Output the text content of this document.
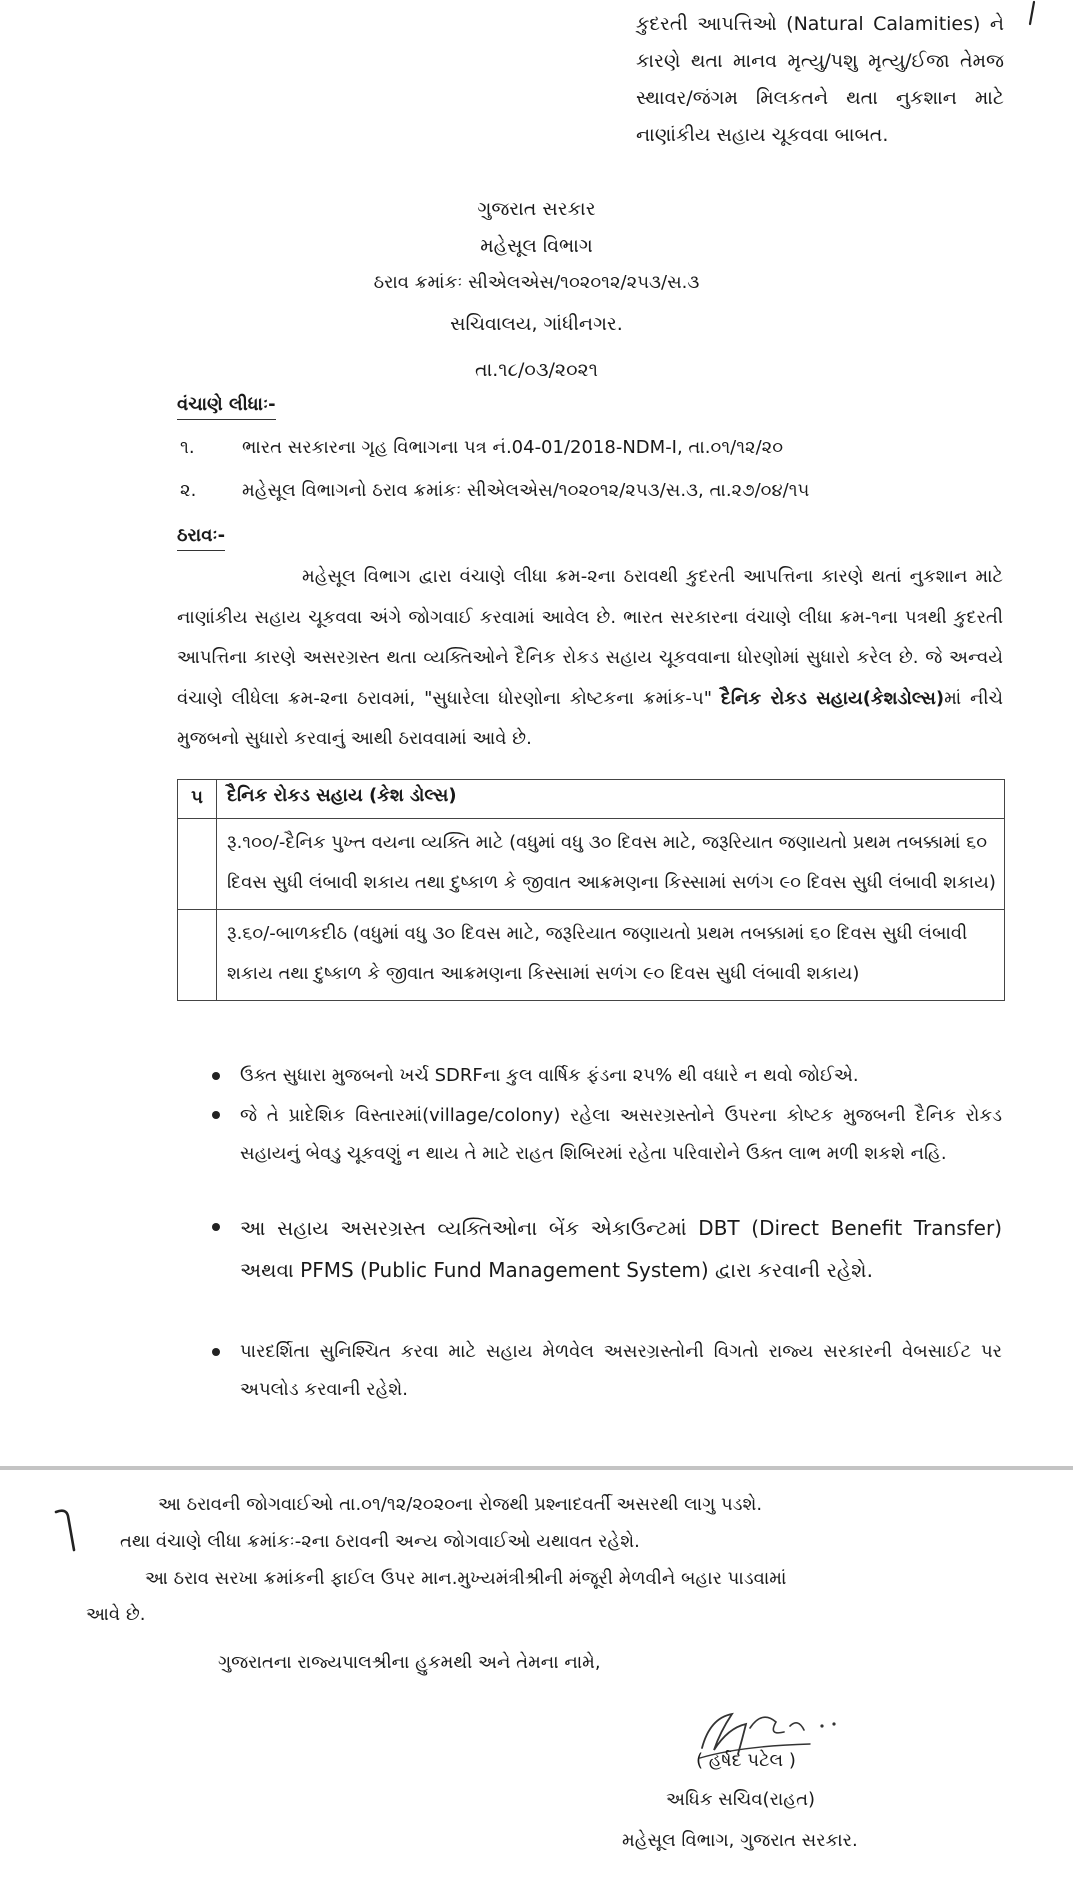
કુદરતી આપત્તિઓ (Natural Calamities) ને કારણે થતા માનવ મૃત્યુ/પશુ મૃત્યુ/ઈજા તેમજ સ્થાવર/જંગમ મિલકતને થતા નુકશાન માટે નાણાંકીય સહાય ચૂકવવા બાબત.
ગુજરાત સરકાર
મહેસૂલ વિભાગ
ઠરાવ ક્રમાંકઃ સીએલએસ/૧૦૨૦૧૨/૨૫૩/સ.૩
સચિવાલય, ગાંધીનગર.
તા.૧૮/૦૩/૨૦૨૧
વંચાણે લીધાઃ-
૧.	ભારત સરકારના ગૃહ વિભાગના પત્ર નં.04-01/2018-NDM-I, તા.૦૧/૧૨/૨૦
૨.	મહેસૂલ વિભાગનો ઠરાવ ક્રમાંકઃ સીએલએસ/૧૦૨૦૧૨/૨૫૩/સ.૩, તા.૨૭/૦૪/૧૫
ઠરાવઃ-
મહેસૂલ વિભાગ દ્વારા વંચાણે લીધા ક્રમ-૨ના ઠરાવથી કુદરતી આપત્તિના કારણે થતાં નુકશાન માટે નાણાંકીય સહાય ચૂકવવા અંગે જોગવાઈ કરવામાં આવેલ છે. ભારત સરકારના વંચાણે લીધા ક્રમ-૧ના પત્રથી કુદરતી આપત્તિના કારણે અસરગ્રસ્ત થતા વ્યક્તિઓને દૈનિક રોકડ સહાય ચૂકવવાના ધોરણોમાં સુધારો કરેલ છે. જે અન્વયે વંચાણે લીધેલા ક્રમ-૨ના ઠરાવમાં, "સુધારેલા ધોરણોના કોષ્ટકના ક્રમાંક-૫" દૈનિક રોકડ સહાય(કેશડોલ્સ)માં નીચે મુજબનો સુધારો કરવાનું આથી ઠરાવવામાં આવે છે.
૫	દૈનિક રોકડ સહાય (કેશ ડોલ્સ)
	રૂ.૧૦૦/-દૈનિક પુખ્ત વયના વ્યક્તિ માટે (વધુમાં વધુ ૩૦ દિવસ માટે, જરૂરિયાત જણાયતો પ્રથમ તબક્કામાં ૬૦ દિવસ સુધી લંબાવી શકાય તથા દુષ્કાળ કે જીવાત આક્રમણના કિસ્સામાં સળંગ ૯૦ દિવસ સુધી લંબાવી શકાય)
	રૂ.૬૦/-બાળકદીઠ (વધુમાં વધુ ૩૦ દિવસ માટે, જરૂરિયાત જણાયતો પ્રથમ તબક્કામાં ૬૦ દિવસ સુધી લંબાવી શકાય તથા દુષ્કાળ કે જીવાત આક્રમણના કિસ્સામાં સળંગ ૯૦ દિવસ સુધી લંબાવી શકાય)
ઉક્ત સુધારા મુજબનો ખર્ચ SDRFના કુલ વાર્ષિક ફંડના ૨૫% થી વધારે ન થવો જોઈએ.
જે તે પ્રાદેશિક વિસ્તારમાં(village/colony) રહેલા અસરગ્રસ્તોને ઉપરના કોષ્ટક મુજબની દૈનિક રોકડ સહાયનું બેવડુ ચૂકવણું ન થાય તે માટે રાહત શિબિરમાં રહેતા પરિવારોને ઉક્ત લાભ મળી શકશે નહિ.
આ સહાય અસરગ્રસ્ત વ્યક્તિઓના બેંક એકાઉન્ટમાં DBT (Direct Benefit Transfer) અથવા PFMS (Public Fund Management System) દ્વારા કરવાની રહેશે.
પારદર્શિતા સુનિશ્ચિત કરવા માટે સહાય મેળવેલ અસરગ્રસ્તોની વિગતો રાજ્ય સરકારની વેબસાઈટ પર અપલોડ કરવાની રહેશે.
આ ઠરાવની જોગવાઈઓ તા.૦૧/૧૨/૨૦૨૦ના રોજથી પ્રશ્નાદવર્તી અસરથી લાગુ પડશે.
તથા વંચાણે લીધા ક્રમાંકઃ-૨ના ઠરાવની અન્ય જોગવાઈઓ યથાવત રહેશે.
આ ઠરાવ સરખા ક્રમાંકની ફાઈલ ઉપર માન.મુખ્યમંત્રીશ્રીની મંજૂરી મેળવીને બહાર પાડવામાં
આવે છે.
ગુજરાતના રાજ્યપાલશ્રીના હુકમથી અને તેમના નામે,
( હર્ષદ પટેલ )
અધિક સચિવ(રાહત)
મહેસૂલ વિભાગ, ગુજરાત સરકાર.
